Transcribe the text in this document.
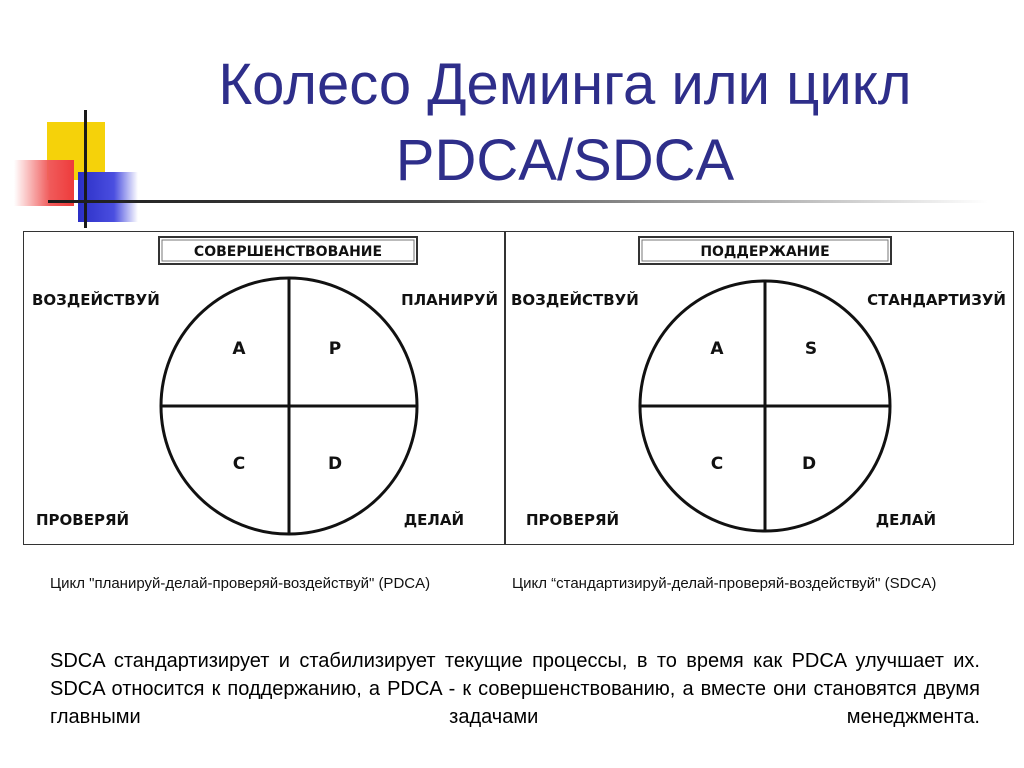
Колесо Деминга или цикл
PDCA/SDCA
СОВЕРШЕНСТВОВАНИЕ
A	P
C	D
ВОЗДЕЙСТВУЙ	ПЛАНИРУЙ
ПРОВЕРЯЙ	ДЕЛАЙ
ПОДДЕРЖАНИЕ
A	S
C	D
ВОЗДЕЙСТВУЙ	СТАНДАРТИЗУЙ
ПРОВЕРЯЙ	ДЕЛАЙ
Цикл "планируй-делай-проверяй-воздействуй" (PDCA)	Цикл “стандартизируй-делай-проверяй-воздействуй" (SDCA)

SDCA стандартизирует и стабилизирует текущие процессы, в то время как PDCA улучшает их. SDCA относится к поддержанию, а PDCA - к совершенствованию, а вместе они становятся двумя главными задачами менеджмента.
